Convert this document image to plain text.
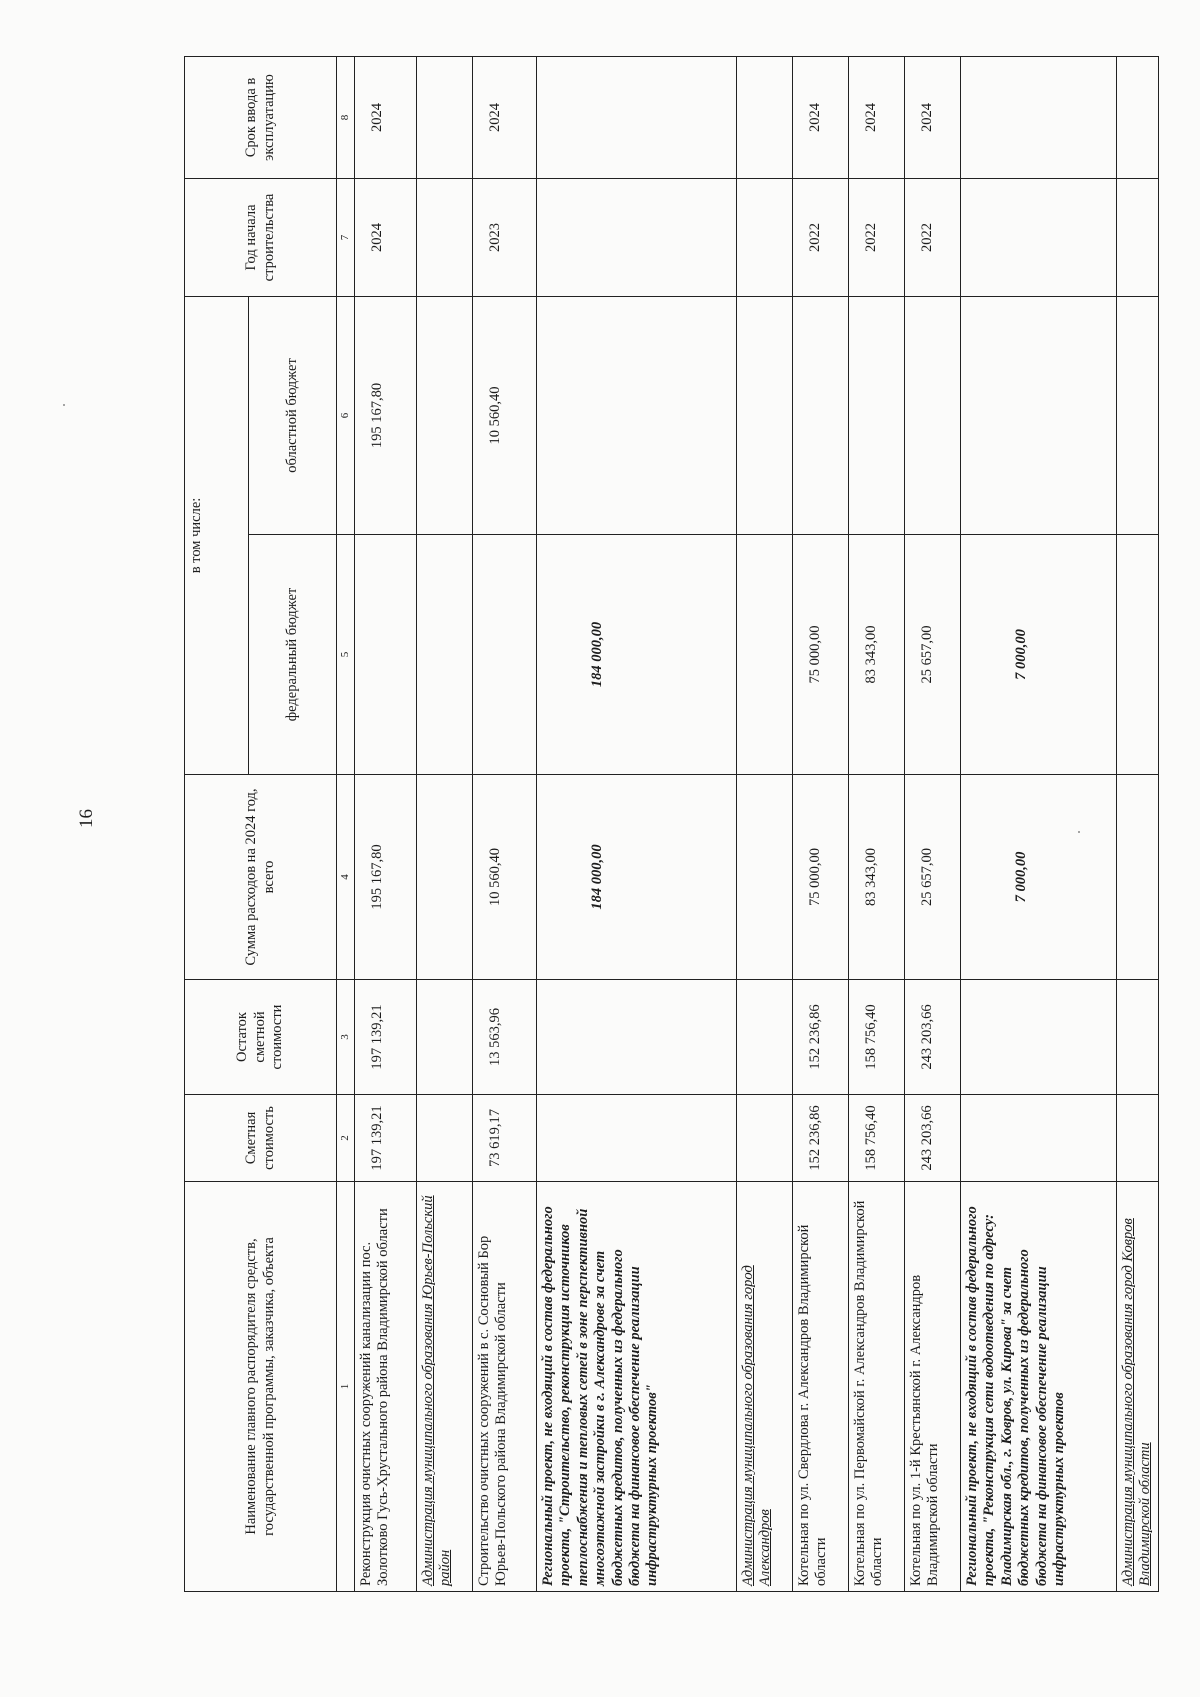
16
Наименование главного распорядителя средств, государственной программы, заказчика, объекта	Сметная стоимость	Остаток сметной стоимости	Сумма расходов на 2024 год, всего	в том числе:		Год начала строительства	Срок ввода в эксплуатацию
				федеральный бюджет	областной бюджет		
1	2	3	4	5	6	7	8
Реконструкция очистных сооружений канализации пос. Золотково Гусь-Хрустального района Владимирской области	197 139,21	197 139,21	195 167,80		195 167,80	2024	2024
Администрация муниципального образования Юрьев-Польский район							
Строительство очистных сооружений в с. Сосновый Бор Юрьев-Польского района Владимирской области	73 619,17	13 563,96	10 560,40		10 560,40	2023	2024
Региональный проект, не входящий в состав федерального проекта, "Строительство, реконструкция источников теплоснабжения и тепловых сетей в зоне перспективной многоэтажной застройки в г. Александрове за счет бюджетных кредитов, полученных из федерального бюджета на финансовое обеспечение реализации инфраструктурных проектов"			184 000,00	184 000,00			
Администрация муниципального образования город Александров							
Котельная по ул. Свердлова г. Александров Владимирской области	152 236,86	152 236,86	75 000,00	75 000,00		2022	2024
Котельная по ул. Первомайской г. Александров Владимирской области	158 756,40	158 756,40	83 343,00	83 343,00		2022	2024
Котельная по ул. 1-й Крестьянской г. Александров Владимирской области	243 203,66	243 203,66	25 657,00	25 657,00		2022	2024
Региональный проект, не входящий в состав федерального проекта, "Реконструкция сети водоотведения по адресу: Владимирская обл., г. Ковров, ул. Кирова" за счет бюджетных кредитов, полученных из федерального бюджета на финансовое обеспечение реализации инфраструктурных проектов			7 000,00	7 000,00			
Администрация муниципального образования город Ковров Владимирской области							
